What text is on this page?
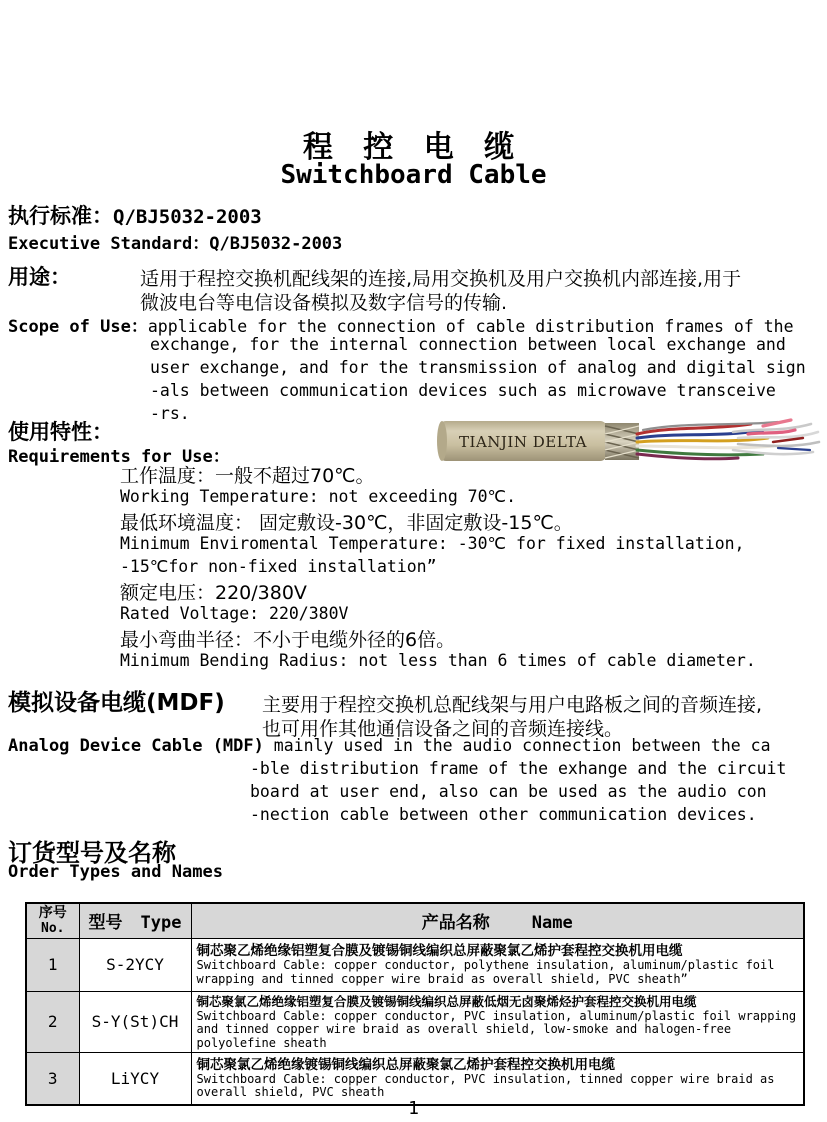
程 控 电 缆
Switchboard Cable
执行标准：Q/BJ5032-2003
Executive Standard：Q/BJ5032-2003
用途：	适用于程控交换机配线架的连接,局用交换机及用户交换机内部连接,用于
微波电台等电信设备模拟及数字信号的传输.
Scope of Use：applicable for the connection of cable distribution frames of the
exchange, for the internal connection between local exchange and
user exchange, and for the transmission of analog and digital sign
-als between communication devices such as microwave transceive
-rs.
使用特性：
Requirements for Use：
工作温度：一般不超过70℃。
Working Temperature: not exceeding 70℃.
最低环境温度： 固定敷设-30℃，非固定敷设-15℃。
Minimum Enviromental Temperature: -30℃ for fixed installation,
-15℃for non-fixed installation”
额定电压：220/380V
Rated Voltage: 220/380V
最小弯曲半径：不小于电缆外径的6倍。
Minimum Bending Radius: not less than 6 times of cable diameter.
TIANJIN DELTA
模拟设备电缆(MDF) 主要用于程控交换机总配线架与用户电路板之间的音频连接,
也可用作其他通信设备之间的音频连接线。
Analog Device Cable (MDF) mainly used in the audio connection between the ca
-ble distribution frame of the exhange and the circuit
board at user end, also can be used as the audio con
-nection cable between other communication devices.
订货型号及名称
Order Types and Names
序号
No.	型号 Type	产品名称 Name
1	S-2YCY	铜芯聚乙烯绝缘铝塑复合膜及镀锡铜线编织总屏蔽聚氯乙烯护套程控交换机用电缆
Switchboard Cable: copper conductor, polythene insulation, aluminum/plastic foil wrapping and tinned copper wire braid as overall shield, PVC sheath”

2	S-Y(St)CH	铜芯聚氯乙烯绝缘铝塑复合膜及镀锡铜线编织总屏蔽低烟无卤聚烯烃护套程控交换机用电缆
Switchboard Cable: copper conductor, PVC insulation, aluminum/plastic foil wrapping and tinned copper wire braid as overall shield, low-smoke and halogen-free polyolefine sheath

3	LiYCY	铜芯聚氯乙烯绝缘镀锡铜线编织总屏蔽聚氯乙烯护套程控交换机用电缆
Switchboard Cable: copper conductor, PVC insulation, tinned copper wire braid as overall shield, PVC sheath
1
